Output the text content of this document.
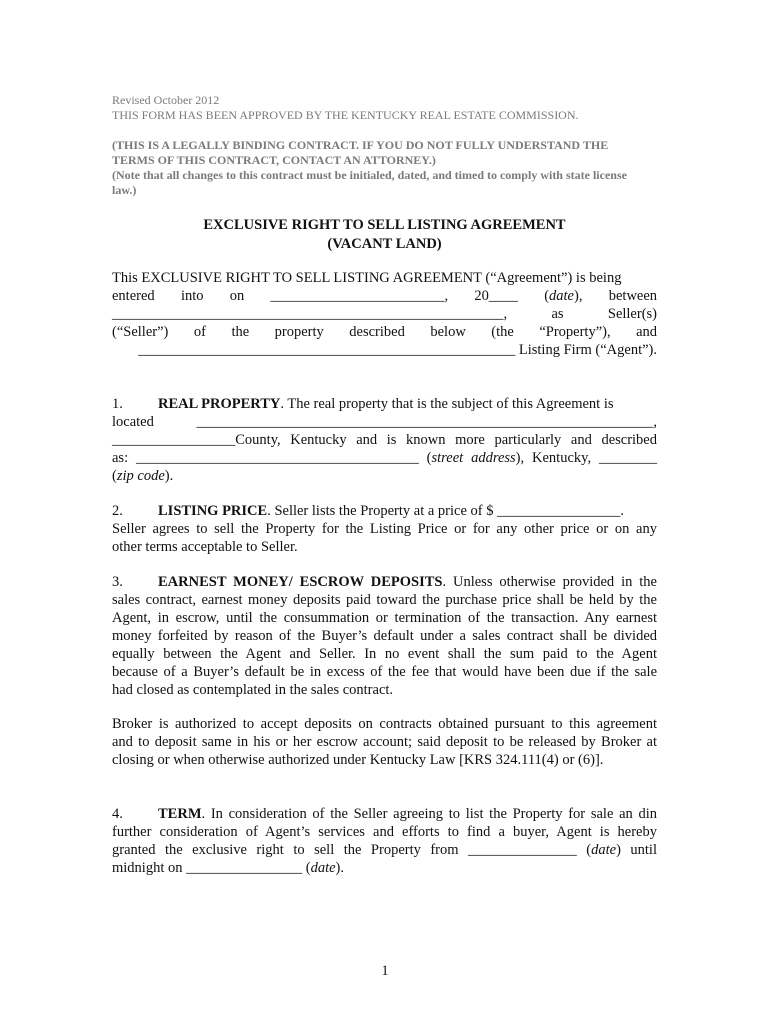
Revised October 2012
THIS FORM HAS BEEN APPROVED BY THE KENTUCKY REAL ESTATE COMMISSION.
(THIS IS A LEGALLY BINDING CONTRACT. IF YOU DO NOT FULLY UNDERSTAND THE
TERMS OF THIS CONTRACT, CONTACT AN ATTORNEY.)
(Note that all changes to this contract must be initialed, dated, and timed to comply with state license
law.)
EXCLUSIVE RIGHT TO SELL LISTING AGREEMENT
(VACANT LAND)
This EXCLUSIVE RIGHT TO SELL LISTING AGREEMENT (“Agreement”) is being
entered into on ________________________, 20____ (date), between
______________________________________________________,	as	Seller(s)
(“Seller”) of the property described below (the “Property”), and
____________________________________________________ Listing Firm (“Agent”).
1. REAL PROPERTY. The real property that is the subject of this Agreement is
located	_______________________________________________________________,
_________________County, Kentucky and is known more particularly and described
as: _______________________________________ (street address), Kentucky, ________
(zip code).
2. LISTING PRICE. Seller lists the Property at a price of $ _________________.
Seller agrees to sell the Property for the Listing Price or for any other price or on any
other terms acceptable to Seller.
3. EARNEST MONEY/ ESCROW DEPOSITS. Unless otherwise provided in the
sales contract, earnest money deposits paid toward the purchase price shall be held by the
Agent, in escrow, until the consummation or termination of the transaction. Any earnest
money forfeited by reason of the Buyer’s default under a sales contract shall be divided
equally between the Agent and Seller. In no event shall the sum paid to the Agent
because of a Buyer’s default be in excess of the fee that would have been due if the sale
had closed as contemplated in the sales contract.
Broker is authorized to accept deposits on contracts obtained pursuant to this agreement
and to deposit same in his or her escrow account; said deposit to be released by Broker at
closing or when otherwise authorized under Kentucky Law [KRS 324.111(4) or (6)].
4. TERM. In consideration of the Seller agreeing to list the Property for sale an din
further consideration of Agent’s services and efforts to find a buyer, Agent is hereby
granted the exclusive right to sell the Property from _______________ (date) until
midnight on ________________ (date).
1
